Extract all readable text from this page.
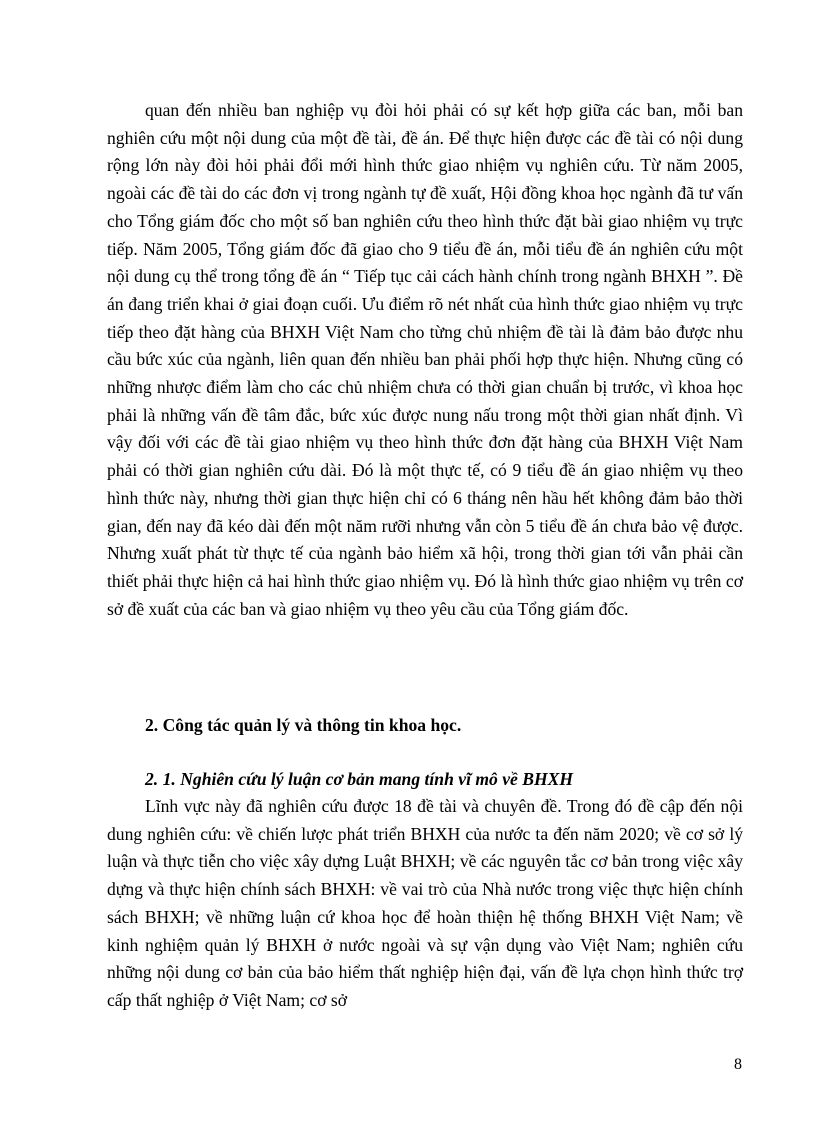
quan đến nhiều ban nghiệp vụ đòi hỏi phải có sự kết hợp giữa các ban, mỗi ban nghiên cứu một nội dung của một đề tài, đề án. Để thực hiện được các đề tài có nội dung rộng lớn này đòi hỏi phải đổi mới hình thức giao nhiệm vụ nghiên cứu. Từ năm 2005, ngoài các đề tài do các đơn vị trong ngành tự đề xuất, Hội đồng khoa học ngành đã tư vấn cho Tổng giám đốc cho một số ban nghiên cứu theo hình thức đặt bài giao nhiệm vụ trực tiếp. Năm 2005, Tổng giám đốc đã giao cho 9 tiểu đề án, mỗi tiểu đề án nghiên cứu một nội dung cụ thể trong tổng đề án “ Tiếp tục cải cách hành chính trong ngành BHXH ”. Đề án đang triển khai ở giai đoạn cuối. Ưu điểm rõ nét nhất của hình thức giao nhiệm vụ trực tiếp theo đặt hàng của BHXH Việt Nam cho từng chủ nhiệm đề tài là đảm bảo được nhu cầu bức xúc của ngành, liên quan đến nhiều ban phải phối hợp thực hiện. Nhưng cũng có những nhược điểm làm cho các chủ nhiệm chưa có thời gian chuẩn bị trước, vì khoa học phải là những vấn đề tâm đắc, bức xúc được nung nấu trong một thời gian nhất định. Vì vậy đối với các đề tài giao nhiệm vụ theo hình thức đơn đặt hàng của BHXH Việt Nam phải có thời gian nghiên cứu dài. Đó là một thực tế, có 9 tiểu đề án giao nhiệm vụ theo hình thức này, nhưng thời gian thực hiện chỉ có 6 tháng nên hầu hết không đảm bảo thời gian, đến nay đã kéo dài đến một năm rưỡi nhưng vẫn còn 5 tiểu đề án chưa bảo vệ được. Nhưng xuất phát từ thực tế của ngành bảo hiểm xã hội, trong thời gian tới vẫn phải cần thiết phải thực hiện cả hai hình thức giao nhiệm vụ. Đó là hình thức giao nhiệm vụ trên cơ sở đề xuất của các ban và giao nhiệm vụ theo yêu cầu của Tổng giám đốc.

2. Công tác quản lý và thông tin khoa học.

2. 1. Nghiên cứu lý luận cơ bản mang tính vĩ mô về BHXH

Lĩnh vực này đã nghiên cứu được 18 đề tài và chuyên đề. Trong đó đề cập đến nội dung nghiên cứu: về chiến lược phát triển BHXH của nước ta đến năm 2020; về cơ sở lý luận và thực tiễn cho việc xây dựng Luật BHXH; về các nguyên tắc cơ bản trong việc xây dựng và thực hiện chính sách BHXH: về vai trò của Nhà nước trong việc thực hiện chính sách BHXH; về những luận cứ khoa học để hoàn thiện hệ thống BHXH Việt Nam; về kinh nghiệm quản lý BHXH ở nước ngoài và sự vận dụng vào Việt Nam; nghiên cứu những nội dung cơ bản của bảo hiểm thất nghiệp hiện đại, vấn đề lựa chọn hình thức trợ cấp thất nghiệp ở Việt Nam; cơ sở

8
